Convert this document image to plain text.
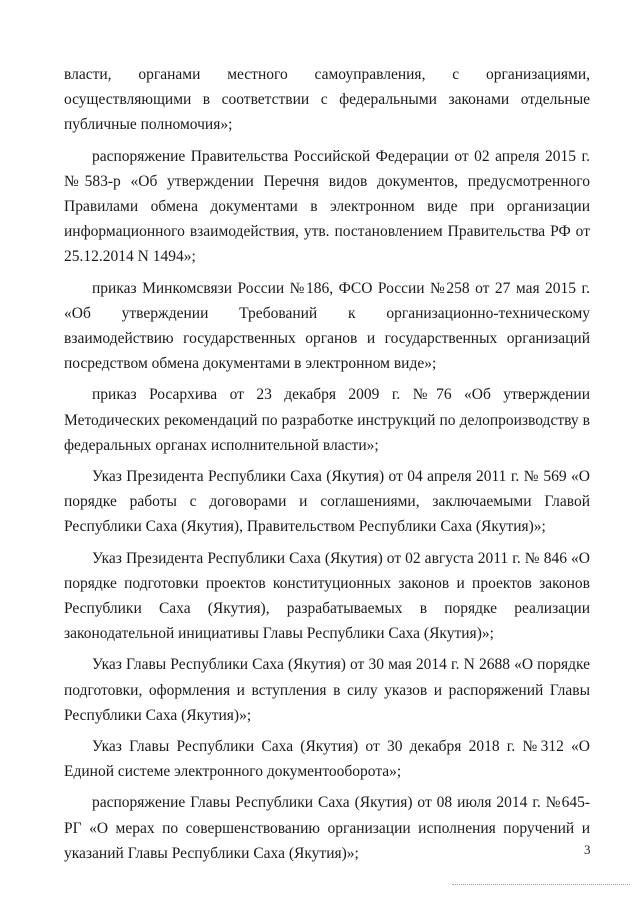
власти, органами местного самоуправления, с организациями, осуществляющими в соответствии с федеральными законами отдельные публичные полномочия»;

распоряжение Правительства Российской Федерации от 02 апреля 2015 г. №583-р «Об утверждении Перечня видов документов, предусмотренного Правилами обмена документами в электронном виде при организации информационного взаимодействия, утв. постановлением Правительства РФ от 25.12.2014 N 1494»;

приказ Минкомсвязи России №186, ФСО России №258 от 27 мая 2015 г. «Об утверждении Требований к организационно-техническому взаимодействию государственных органов и государственных организаций посредством обмена документами в электронном виде»;

приказ Росархива от 23 декабря 2009 г. №76 «Об утверждении Методических рекомендаций по разработке инструкций по делопроизводству в федеральных органах исполнительной власти»;

Указ Президента Республики Саха (Якутия) от 04 апреля 2011 г. № 569 «О порядке работы с договорами и соглашениями, заключаемыми Главой Республики Саха (Якутия), Правительством Республики Саха (Якутия)»;

Указ Президента Республики Саха (Якутия) от 02 августа 2011 г. № 846 «О порядке подготовки проектов конституционных законов и проектов законов Республики Саха (Якутия), разрабатываемых в порядке реализации законодательной инициативы Главы Республики Саха (Якутия)»;

Указ Главы Республики Саха (Якутия) от 30 мая 2014 г. N 2688 «О порядке подготовки, оформления и вступления в силу указов и распоряжений Главы Республики Саха (Якутия)»;

Указ Главы Республики Саха (Якутия) от 30 декабря 2018 г. №312 «О Единой системе электронного документооборота»;

распоряжение Главы Республики Саха (Якутия) от 08 июля 2014 г. №645-РГ «О мерах по совершенствованию организации исполнения поручений и указаний Главы Республики Саха (Якутия)»;	3
